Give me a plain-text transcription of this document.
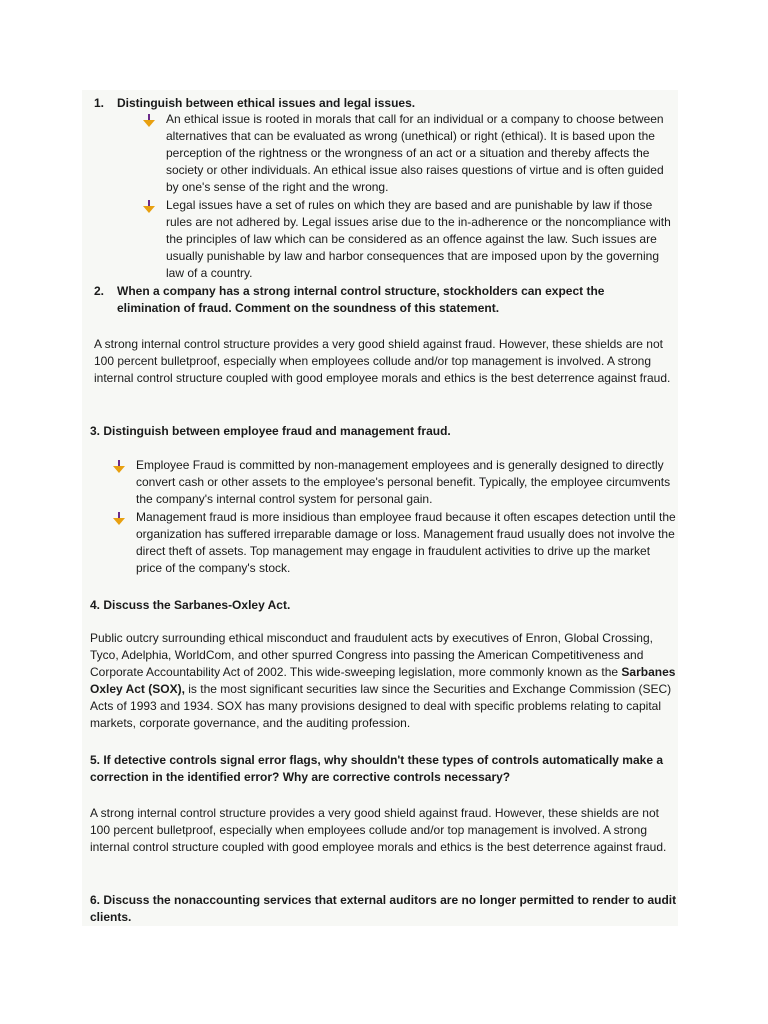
1. Distinguish between ethical issues and legal issues.

An ethical issue is rooted in morals that call for an individual or a company to choose between alternatives that can be evaluated as wrong (unethical) or right (ethical). It is based upon the perception of the rightness or the wrongness of an act or a situation and thereby affects the society or other individuals. An ethical issue also raises questions of virtue and is often guided by one's sense of the right and the wrong.

Legal issues have a set of rules on which they are based and are punishable by law if those rules are not adhered by. Legal issues arise due to the in-adherence or the noncompliance with the principles of law which can be considered as an offence against the law. Such issues are usually punishable by law and harbor consequences that are imposed upon by the governing law of a country.

2. When a company has a strong internal control structure, stockholders can expect the elimination of fraud. Comment on the soundness of this statement.

A strong internal control structure provides a very good shield against fraud. However, these shields are not 100 percent bulletproof, especially when employees collude and/or top management is involved. A strong internal control structure coupled with good employee morals and ethics is the best deterrence against fraud.

3. Distinguish between employee fraud and management fraud.

Employee Fraud is committed by non-management employees and is generally designed to directly convert cash or other assets to the employee's personal benefit. Typically, the employee circumvents the company's internal control system for personal gain.

Management fraud is more insidious than employee fraud because it often escapes detection until the organization has suffered irreparable damage or loss. Management fraud usually does not involve the direct theft of assets. Top management may engage in fraudulent activities to drive up the market price of the company's stock.

4. Discuss the Sarbanes-Oxley Act.

Public outcry surrounding ethical misconduct and fraudulent acts by executives of Enron, Global Crossing, Tyco, Adelphia, WorldCom, and other spurred Congress into passing the American Competitiveness and Corporate Accountability Act of 2002. This wide-sweeping legislation, more commonly known as the Sarbanes Oxley Act (SOX), is the most significant securities law since the Securities and Exchange Commission (SEC) Acts of 1993 and 1934. SOX has many provisions designed to deal with specific problems relating to capital markets, corporate governance, and the auditing profession.

5. If detective controls signal error flags, why shouldn't these types of controls automatically make a correction in the identified error? Why are corrective controls necessary?

A strong internal control structure provides a very good shield against fraud. However, these shields are not 100 percent bulletproof, especially when employees collude and/or top management is involved. A strong internal control structure coupled with good employee morals and ethics is the best deterrence against fraud.

6. Discuss the nonaccounting services that external auditors are no longer permitted to render to audit clients.
